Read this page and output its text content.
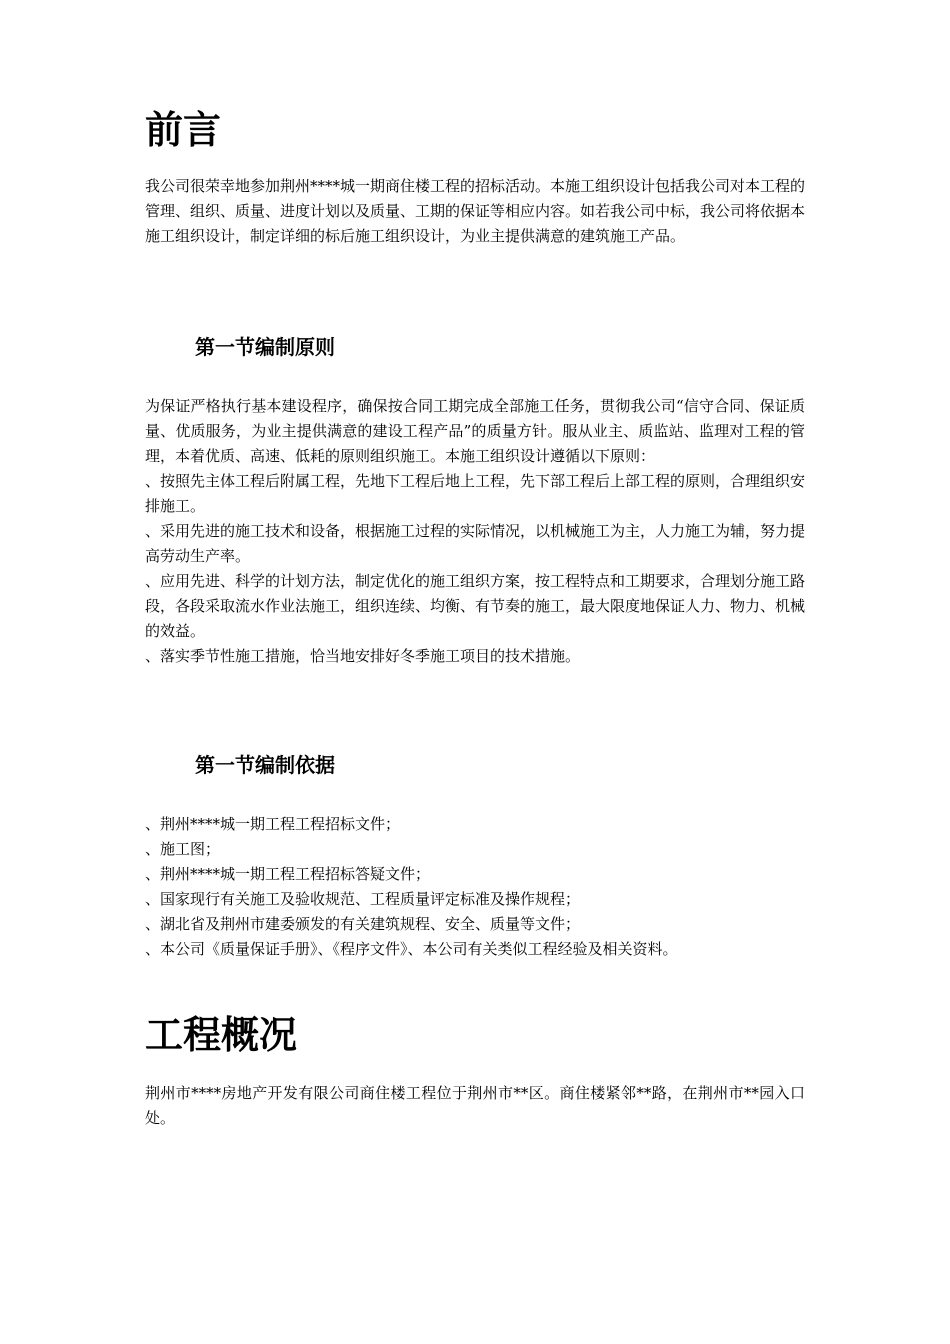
前言

我公司很荣幸地参加荆州****城一期商住楼工程的招标活动。本施工组织设计包括我公司对本工程的管理、组织、质量、进度计划以及质量、工期的保证等相应内容。如若我公司中标，我公司将依据本施工组织设计，制定详细的标后施工组织设计，为业主提供满意的建筑施工产品。

第一节编制原则

为保证严格执行基本建设程序，确保按合同工期完成全部施工任务，贯彻我公司“信守合同、保证质量、优质服务，为业主提供满意的建设工程产品”的质量方针。服从业主、质监站、监理对工程的管理，本着优质、高速、低耗的原则组织施工。本施工组织设计遵循以下原则：

、按照先主体工程后附属工程，先地下工程后地上工程，先下部工程后上部工程的原则，合理组织安排施工。

、采用先进的施工技术和设备，根据施工过程的实际情况，以机械施工为主，人力施工为辅，努力提高劳动生产率。

、应用先进、科学的计划方法，制定优化的施工组织方案，按工程特点和工期要求，合理划分施工路段，各段采取流水作业法施工，组织连续、均衡、有节奏的施工，最大限度地保证人力、物力、机械的效益。

、落实季节性施工措施，恰当地安排好冬季施工项目的技术措施。

第一节编制依据

、荆州****城一期工程工程招标文件；

、施工图；

、荆州****城一期工程工程招标答疑文件；

、国家现行有关施工及验收规范、工程质量评定标准及操作规程；

、湖北省及荆州市建委颁发的有关建筑规程、安全、质量等文件；

、本公司《质量保证手册》、《程序文件》、本公司有关类似工程经验及相关资料。

工程概况

荆州市****房地产开发有限公司商住楼工程位于荆州市**区。商住楼紧邻**路，在荆州市**园入口处。
